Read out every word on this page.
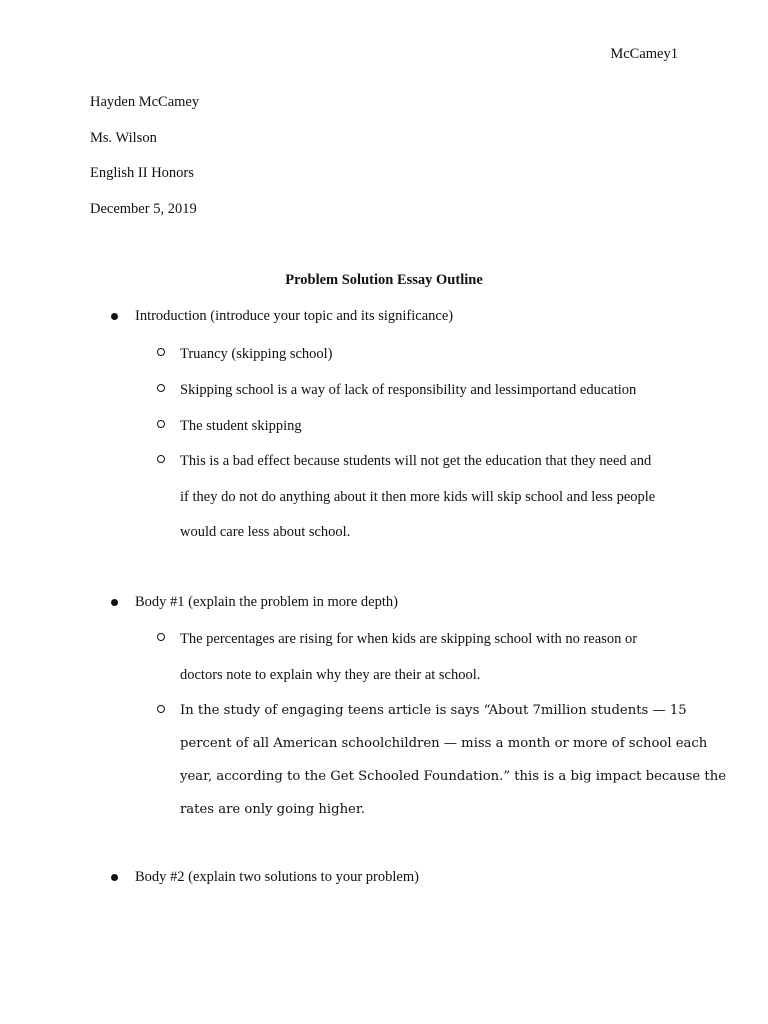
McCamey1
Hayden McCamey
Ms. Wilson
English II Honors
December 5, 2019
Problem Solution Essay Outline
Introduction (introduce your topic and its significance)
Truancy (skipping school)
Skipping school is a way of lack of responsibility and lessimportand education
The student skipping
This is a bad effect because students will not get the education that they need and
if they do not do anything about it then more kids will skip school and less people
would care less about school.
Body #1 (explain the problem in more depth)
The percentages are rising for when kids are skipping school with no reason or
doctors note to explain why they are their at school.
In the study of engaging teens article is says “About 7million students — 15
percent of all American schoolchildren — miss a month or more of school each
year, according to the Get Schooled Foundation.” this is a big impact because the
rates are only going higher.
Body #2 (explain two solutions to your problem)
